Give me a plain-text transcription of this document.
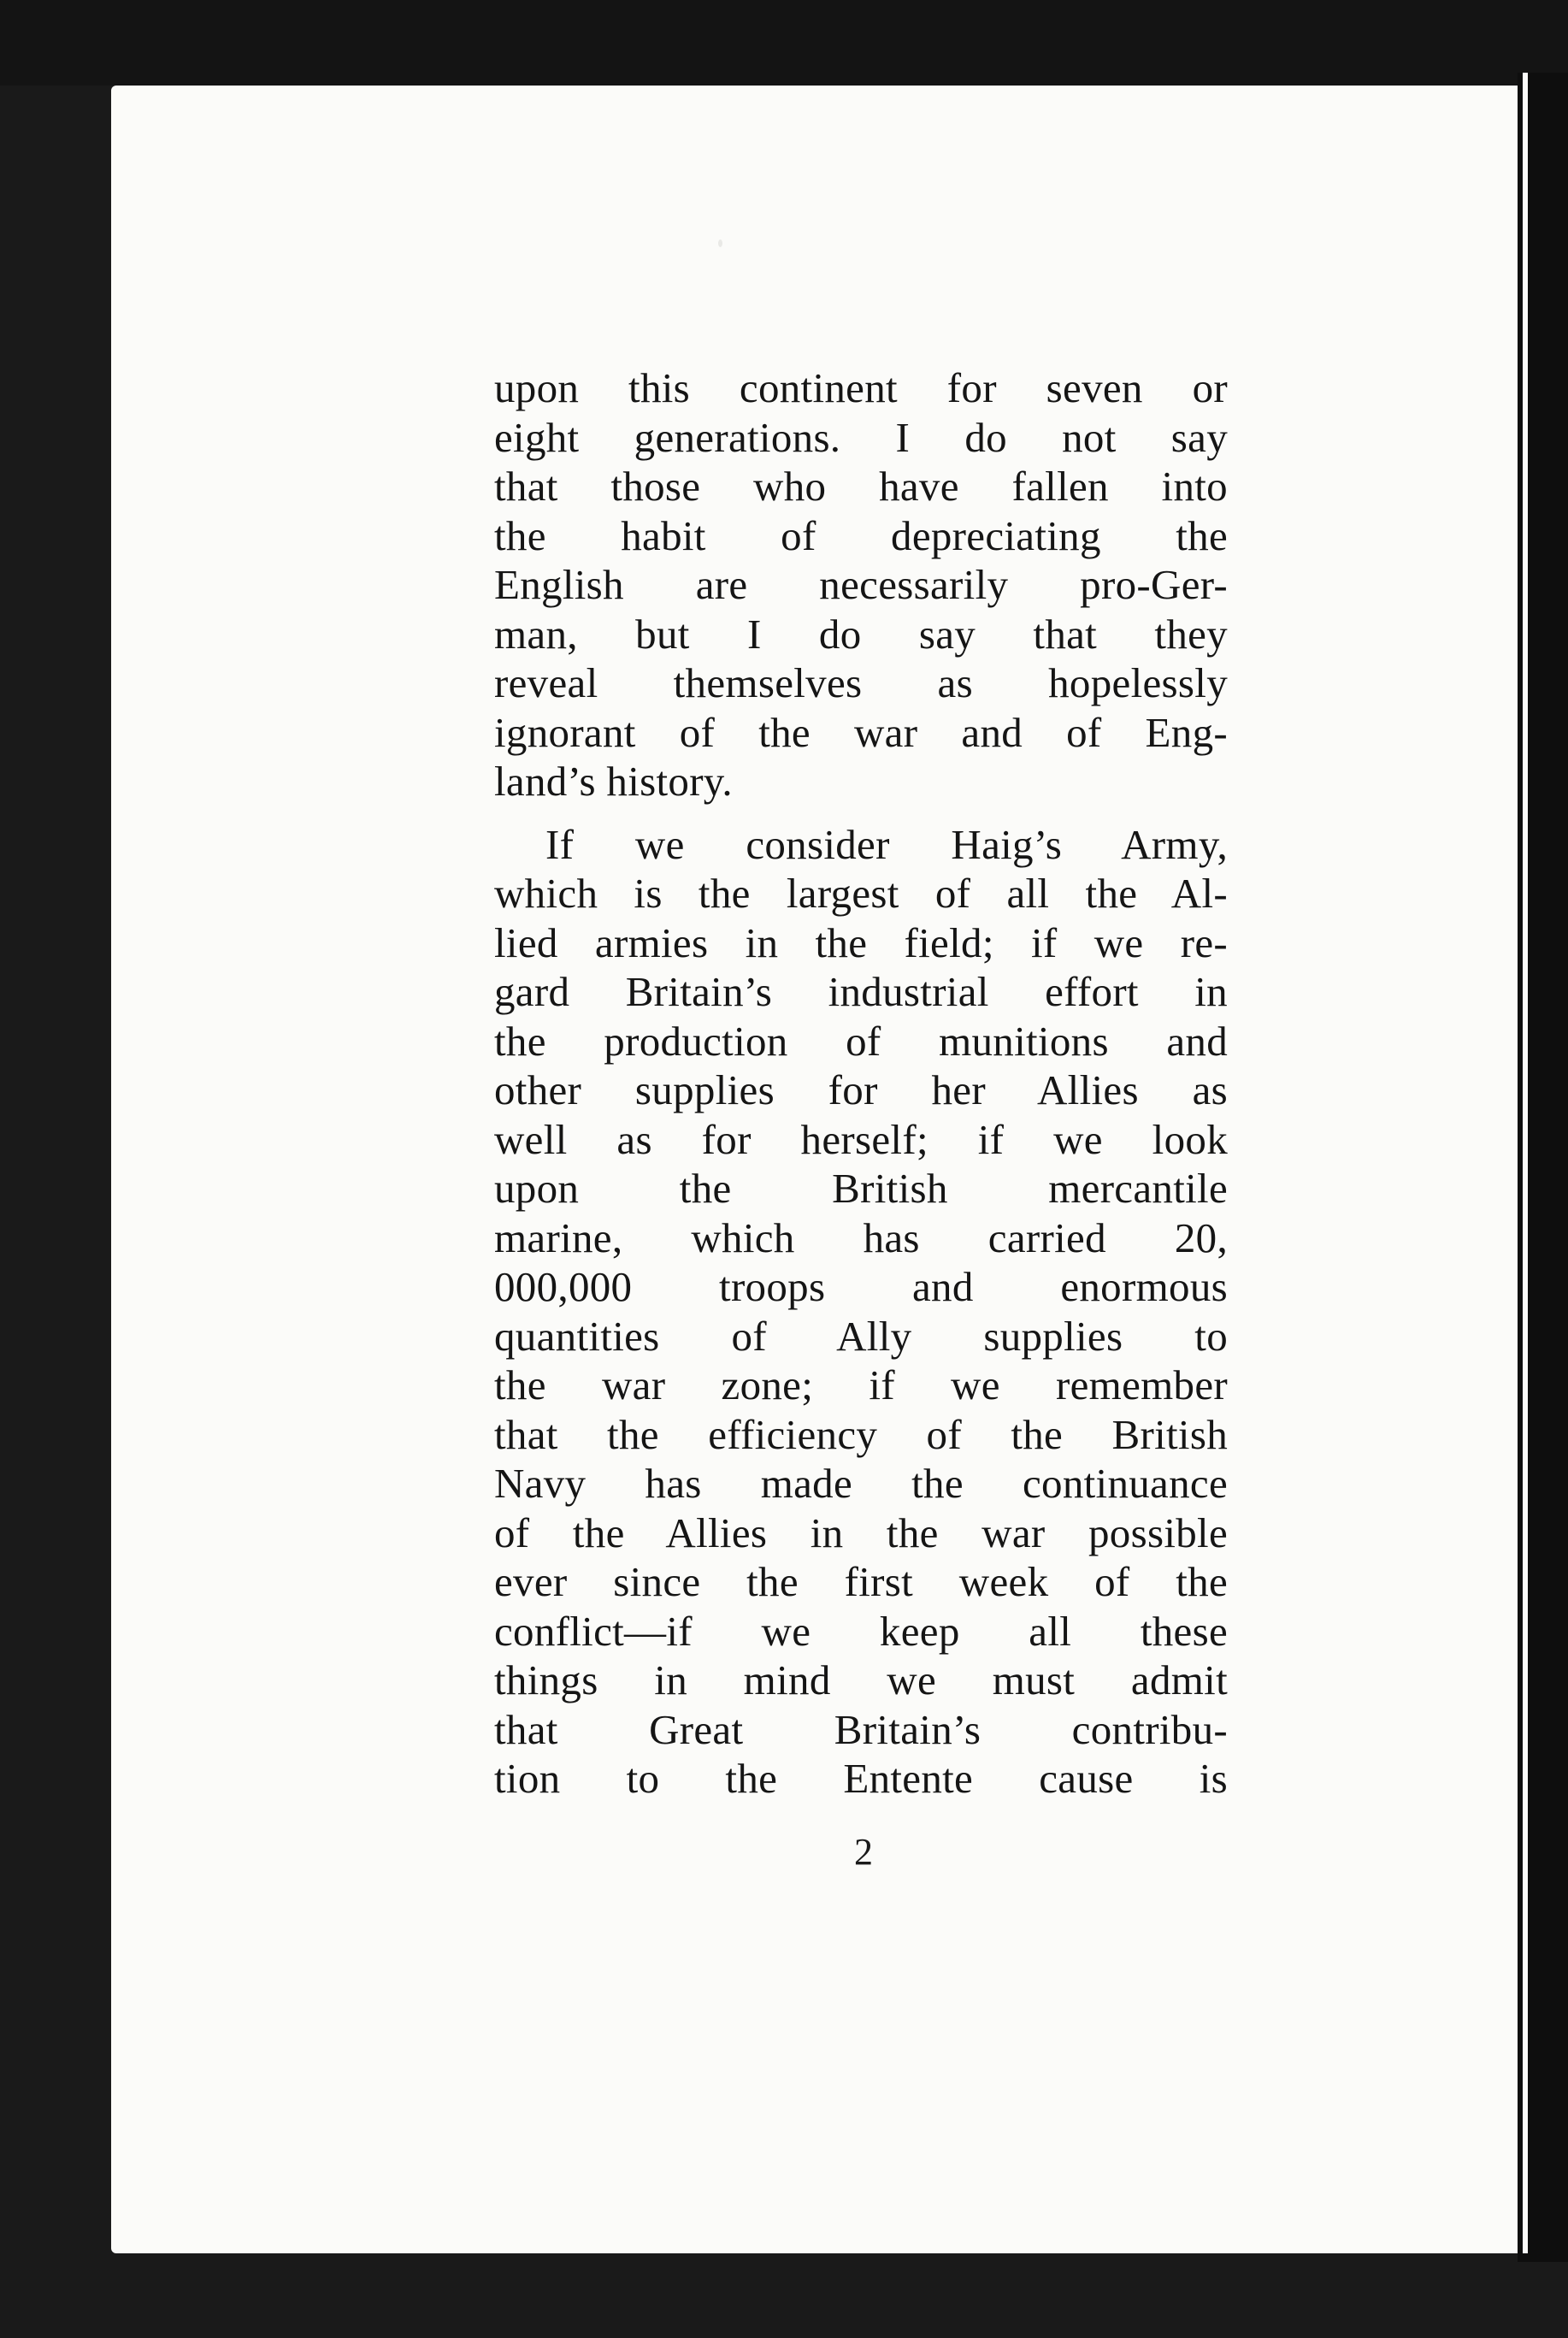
upon this continent for seven or
eight generations. I do not say
that those who have fallen into
the habit of depreciating the
English are necessarily pro-Ger-
man, but I do say that they
reveal themselves as hopelessly
ignorant of the war and of Eng-
land’s history.
If we consider Haig’s Army,
which is the largest of all the Al-
lied armies in the field; if we re-
gard Britain’s industrial effort in
the production of munitions and
other supplies for her Allies as
well as for herself; if we look
upon the British mercantile
marine, which has carried 20,
000,000 troops and enormous
quantities of Ally supplies to
the war zone; if we remember
that the efficiency of the British
Navy has made the continuance
of the Allies in the war possible
ever since the first week of the
conflict—if we keep all these
things in mind we must admit
that Great Britain’s contribu-
tion to the Entente cause is
2
